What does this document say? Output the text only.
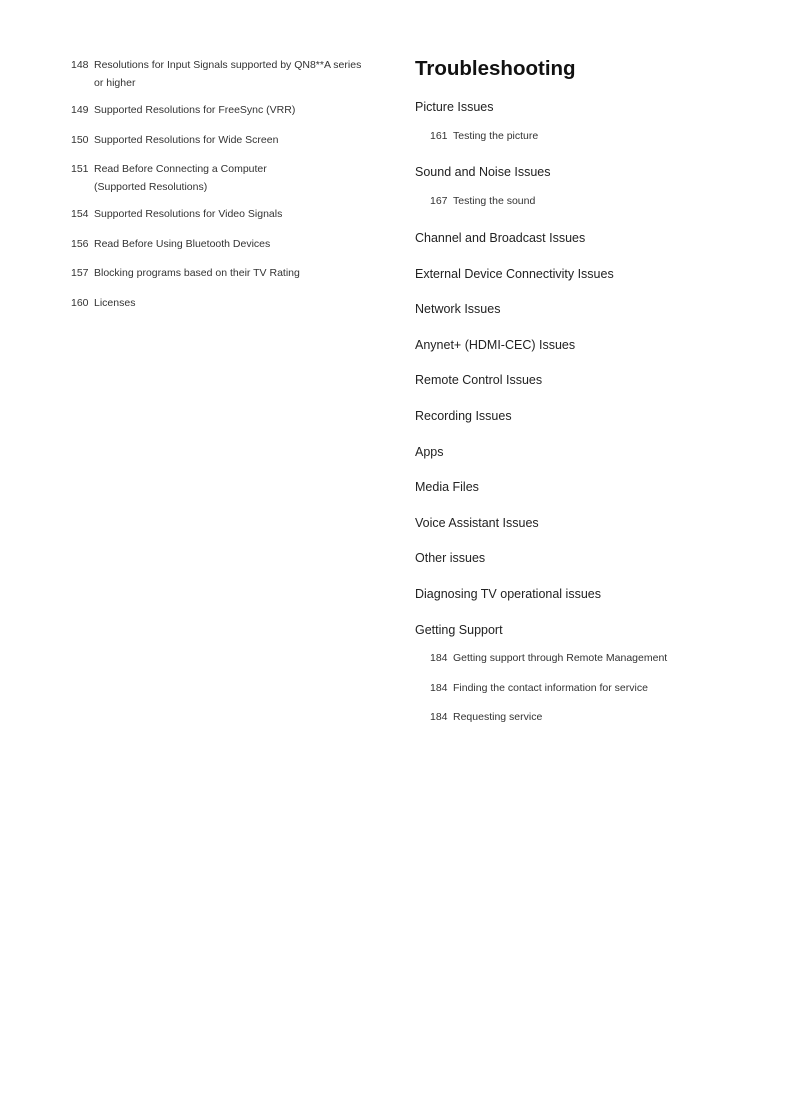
148 Resolutions for Input Signals supported by QN8**A series or higher
149 Supported Resolutions for FreeSync (VRR)
150 Supported Resolutions for Wide Screen
151 Read Before Connecting a Computer (Supported Resolutions)
154 Supported Resolutions for Video Signals
156 Read Before Using Bluetooth Devices
157 Blocking programs based on their TV Rating
160 Licenses
Troubleshooting
Picture Issues
161 Testing the picture
Sound and Noise Issues
167 Testing the sound
Channel and Broadcast Issues
External Device Connectivity Issues
Network Issues
Anynet+ (HDMI-CEC) Issues
Remote Control Issues
Recording Issues
Apps
Media Files
Voice Assistant Issues
Other issues
Diagnosing TV operational issues
Getting Support
184 Getting support through Remote Management
184 Finding the contact information for service
184 Requesting service
